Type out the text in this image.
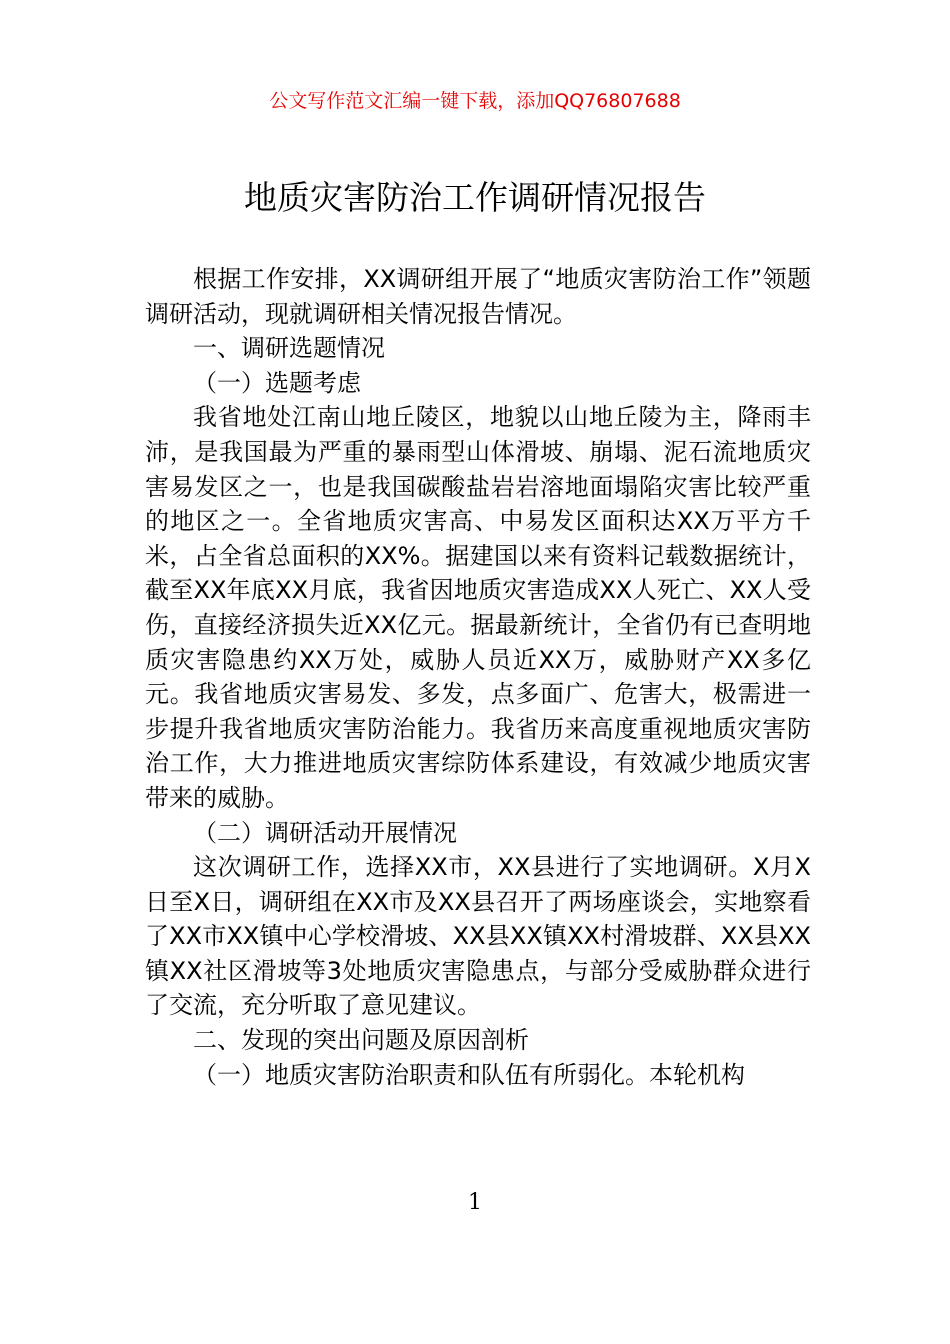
公文写作范文汇编一键下载，添加QQ76807688
地质灾害防治工作调研情况报告

根据工作安排，XX调研组开展了“地质灾害防治工作”领题调研活动，现就调研相关情况报告情况。

一、调研选题情况

（一）选题考虑

我省地处江南山地丘陵区，地貌以山地丘陵为主，降雨丰沛，是我国最为严重的暴雨型山体滑坡、崩塌、泥石流地质灾害易发区之一，也是我国碳酸盐岩岩溶地面塌陷灾害比较严重的地区之一。全省地质灾害高、中易发区面积达XX万平方千米，占全省总面积的XX%。据建国以来有资料记载数据统计，截至XX年底XX月底，我省因地质灾害造成XX人死亡、XX人受伤，直接经济损失近XX亿元。据最新统计，全省仍有已查明地质灾害隐患约XX万处，威胁人员近XX万，威胁财产XX多亿元。我省地质灾害易发、多发，点多面广、危害大，极需进一步提升我省地质灾害防治能力。我省历来高度重视地质灾害防治工作，大力推进地质灾害综防体系建设，有效减少地质灾害带来的威胁。

（二）调研活动开展情况

这次调研工作，选择XX市，XX县进行了实地调研。X月X日至X日，调研组在XX市及XX县召开了两场座谈会，实地察看了XX市XX镇中心学校滑坡、XX县XX镇XX村滑坡群、XX县XX镇XX社区滑坡等3处地质灾害隐患点，与部分受威胁群众进行了交流，充分听取了意见建议。

二、发现的突出问题及原因剖析

（一）地质灾害防治职责和队伍有所弱化。本轮机构

1
